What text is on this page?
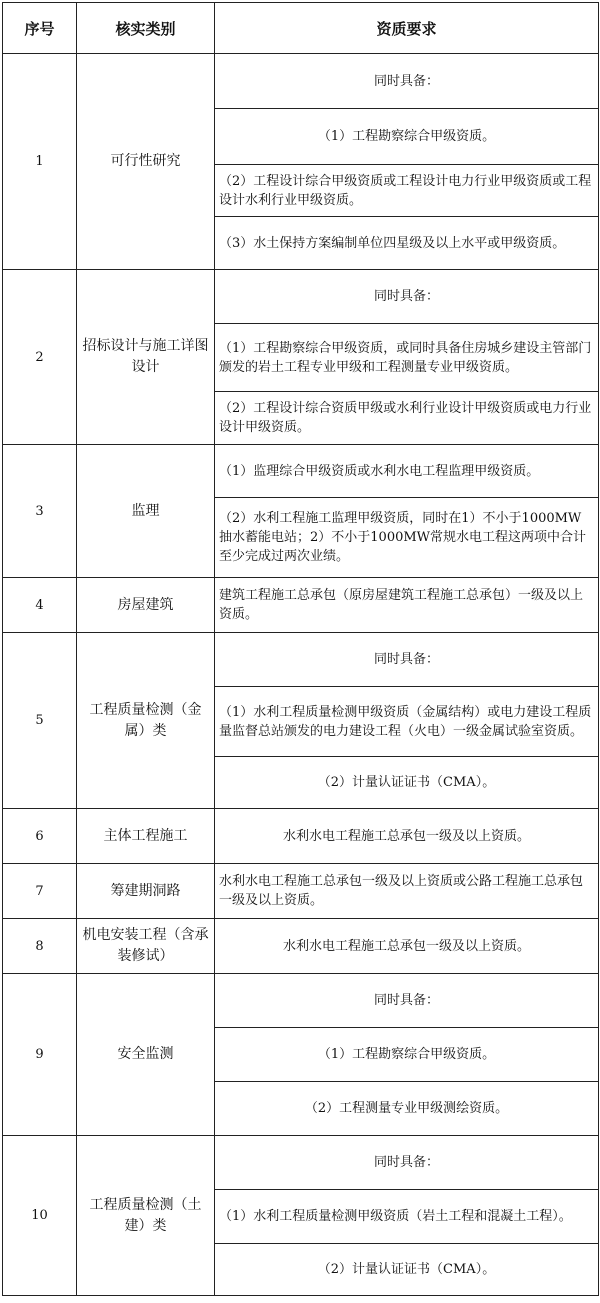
序号	核实类别	资质要求
1	可行性研究	同时具备：
		（1）工程勘察综合甲级资质。
		（2）工程设计综合甲级资质或工程设计电力行业甲级资质或工程设计水利行业甲级资质。
		（3）水土保持方案编制单位四星级及以上水平或甲级资质。
2	招标设计与施工详图设计	同时具备：
		（1）工程勘察综合甲级资质，或同时具备住房城乡建设主管部门颁发的岩土工程专业甲级和工程测量专业甲级资质。
		（2）工程设计综合资质甲级或水利行业设计甲级资质或电力行业设计甲级资质。
3	监理	（1）监理综合甲级资质或水利水电工程监理甲级资质。
		（2）水利工程施工监理甲级资质，同时在1）不小于1000MW抽水蓄能电站；2）不小于1000MW常规水电工程这两项中合计至少完成过两次业绩。
4	房屋建筑	建筑工程施工总承包（原房屋建筑工程施工总承包）一级及以上资质。
5	工程质量检测（金属）类	同时具备：
		（1）水利工程质量检测甲级资质（金属结构）或电力建设工程质量监督总站颁发的电力建设工程（火电）一级金属试验室资质。
		（2）计量认证证书（CMA）。
6	主体工程施工	水利水电工程施工总承包一级及以上资质。
7	筹建期洞路	水利水电工程施工总承包一级及以上资质或公路工程施工总承包一级及以上资质。
8	机电安装工程（含承装修试）	水利水电工程施工总承包一级及以上资质。
9	安全监测	同时具备：
		（1）工程勘察综合甲级资质。
		（2）工程测量专业甲级测绘资质。
10	工程质量检测（土建）类	同时具备：
		（1）水利工程质量检测甲级资质（岩土工程和混凝土工程）。
		（2）计量认证证书（CMA）。
